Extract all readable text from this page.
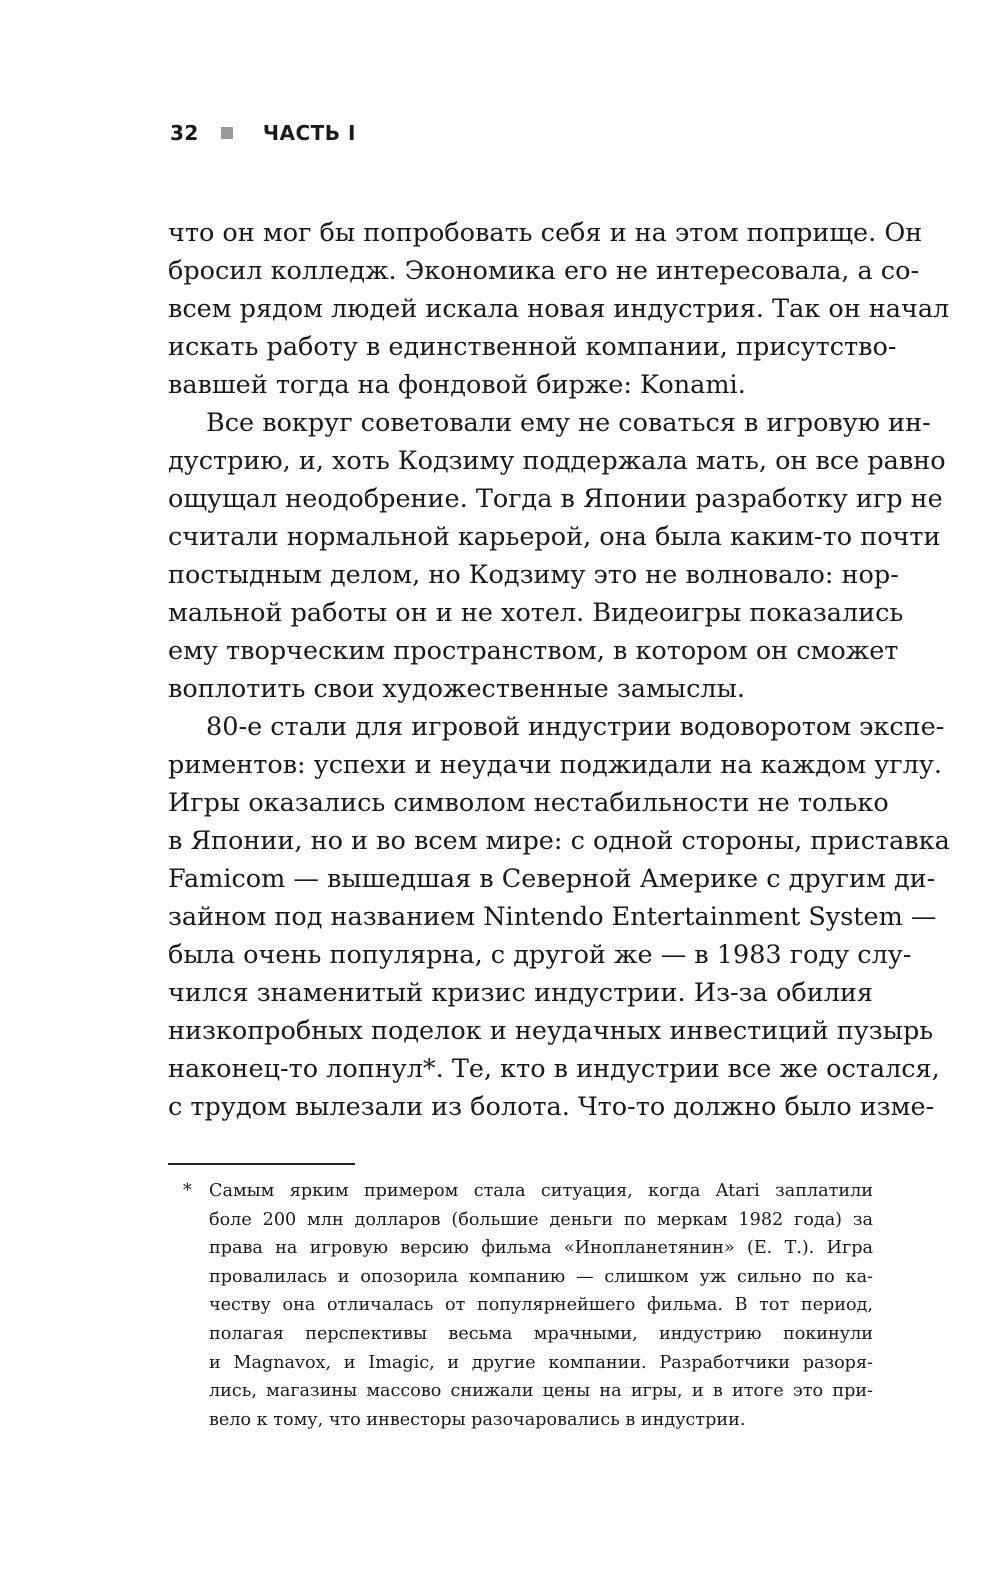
32	ЧАСТЬ I
что он мог бы попробовать себя и на этом поприще. Он
бросил колледж. Экономика его не интересовала, а со-
всем рядом людей искала новая индустрия. Так он начал
искать работу в единственной компании, присутство-
вавшей тогда на фондовой бирже: Konami.
Все вокруг советовали ему не соваться в игровую ин-
дустрию, и, хоть Кодзиму поддержала мать, он все равно
ощущал неодобрение. Тогда в Японии разработку игр не
считали нормальной карьерой, она была каким-то почти
постыдным делом, но Кодзиму это не волновало: нор-
мальной работы он и не хотел. Видеоигры показались
ему творческим пространством, в котором он сможет
воплотить свои художественные замыслы.
80-е стали для игровой индустрии водоворотом экспе-
риментов: успехи и неудачи поджидали на каждом углу.
Игры оказались символом нестабильности не только
в Японии, но и во всем мире: с одной стороны, приставка
Famicom — вышедшая в Северной Америке с другим ди-
зайном под названием Nintendo Entertainment System —
была очень популярна, с другой же — в 1983 году слу-
чился знаменитый кризис индустрии. Из-за обилия
низкопробных поделок и неудачных инвестиций пузырь
наконец-то лопнул*. Те, кто в индустрии все же остался,
с трудом вылезали из болота. Что-то должно было изме-
* Самым ярким примером стала ситуация, когда Atari заплатили
боле 200 млн долларов (большие деньги по меркам 1982 года) за
права на игровую версию фильма «Инопланетянин» (Е. Т.). Игра
провалилась и опозорила компанию — слишком уж сильно по ка-
честву она отличалась от популярнейшего фильма. В тот период,
полагая перспективы весьма мрачными, индустрию покинули
и Magnavox, и Imagic, и другие компании. Разработчики разоря-
лись, магазины массово снижали цены на игры, и в итоге это при-
вело к тому, что инвесторы разочаровались в индустрии.
